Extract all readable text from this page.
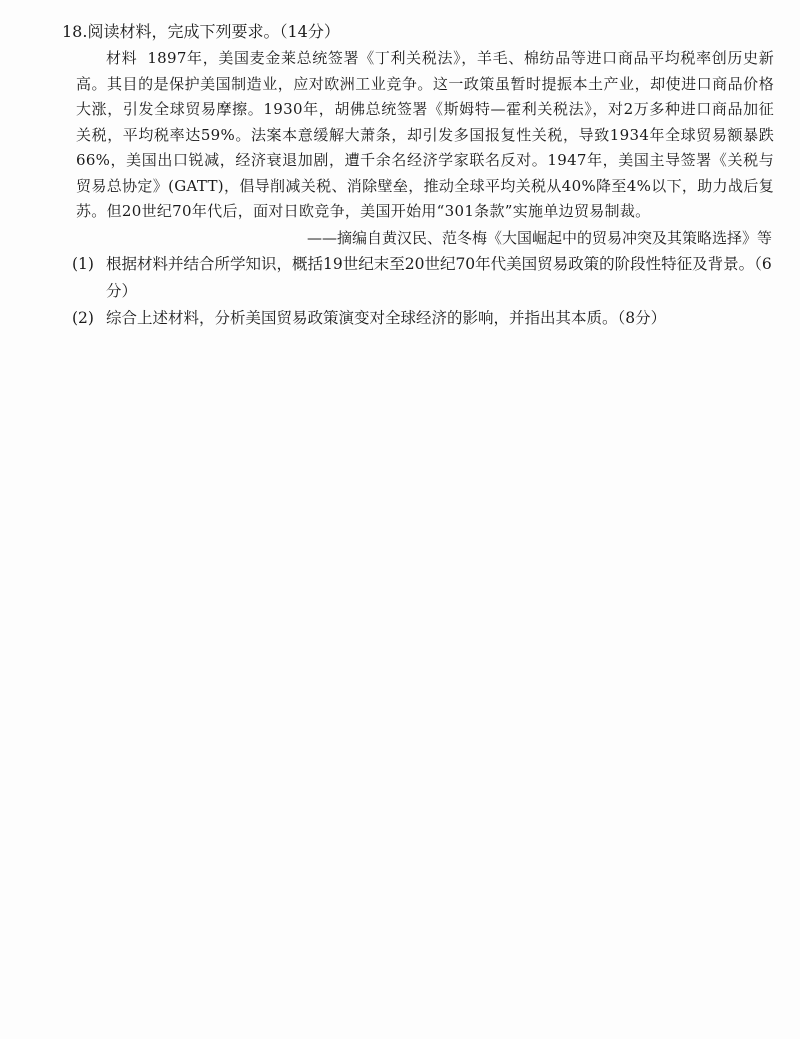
18.阅读材料，完成下列要求。（14分）
材料 1897年，美国麦金莱总统签署《丁利关税法》，羊毛、棉纺品等进口商品平均税率创历史新高。其目的是保护美国制造业，应对欧洲工业竞争。这一政策虽暂时提振本土产业，却使进口商品价格大涨，引发全球贸易摩擦。1930年，胡佛总统签署《斯姆特—霍利关税法》，对2万多种进口商品加征关税，平均税率达59%。法案本意缓解大萧条，却引发多国报复性关税，导致1934年全球贸易额暴跌66%，美国出口锐减，经济衰退加剧，遭千余名经济学家联名反对。1947年，美国主导签署《关税与贸易总协定》(GATT)，倡导削减关税、消除壁垒，推动全球平均关税从40%降至4%以下，助力战后复苏。但20世纪70年代后，面对日欧竞争，美国开始用“301条款”实施单边贸易制裁。
——摘编自黄汉民、范冬梅《大国崛起中的贸易冲突及其策略选择》等
(1) 根据材料并结合所学知识，概括19世纪末至20世纪70年代美国贸易政策的阶段性特征及背景。（6分）
(2) 综合上述材料，分析美国贸易政策演变对全球经济的影响，并指出其本质。（8分）
